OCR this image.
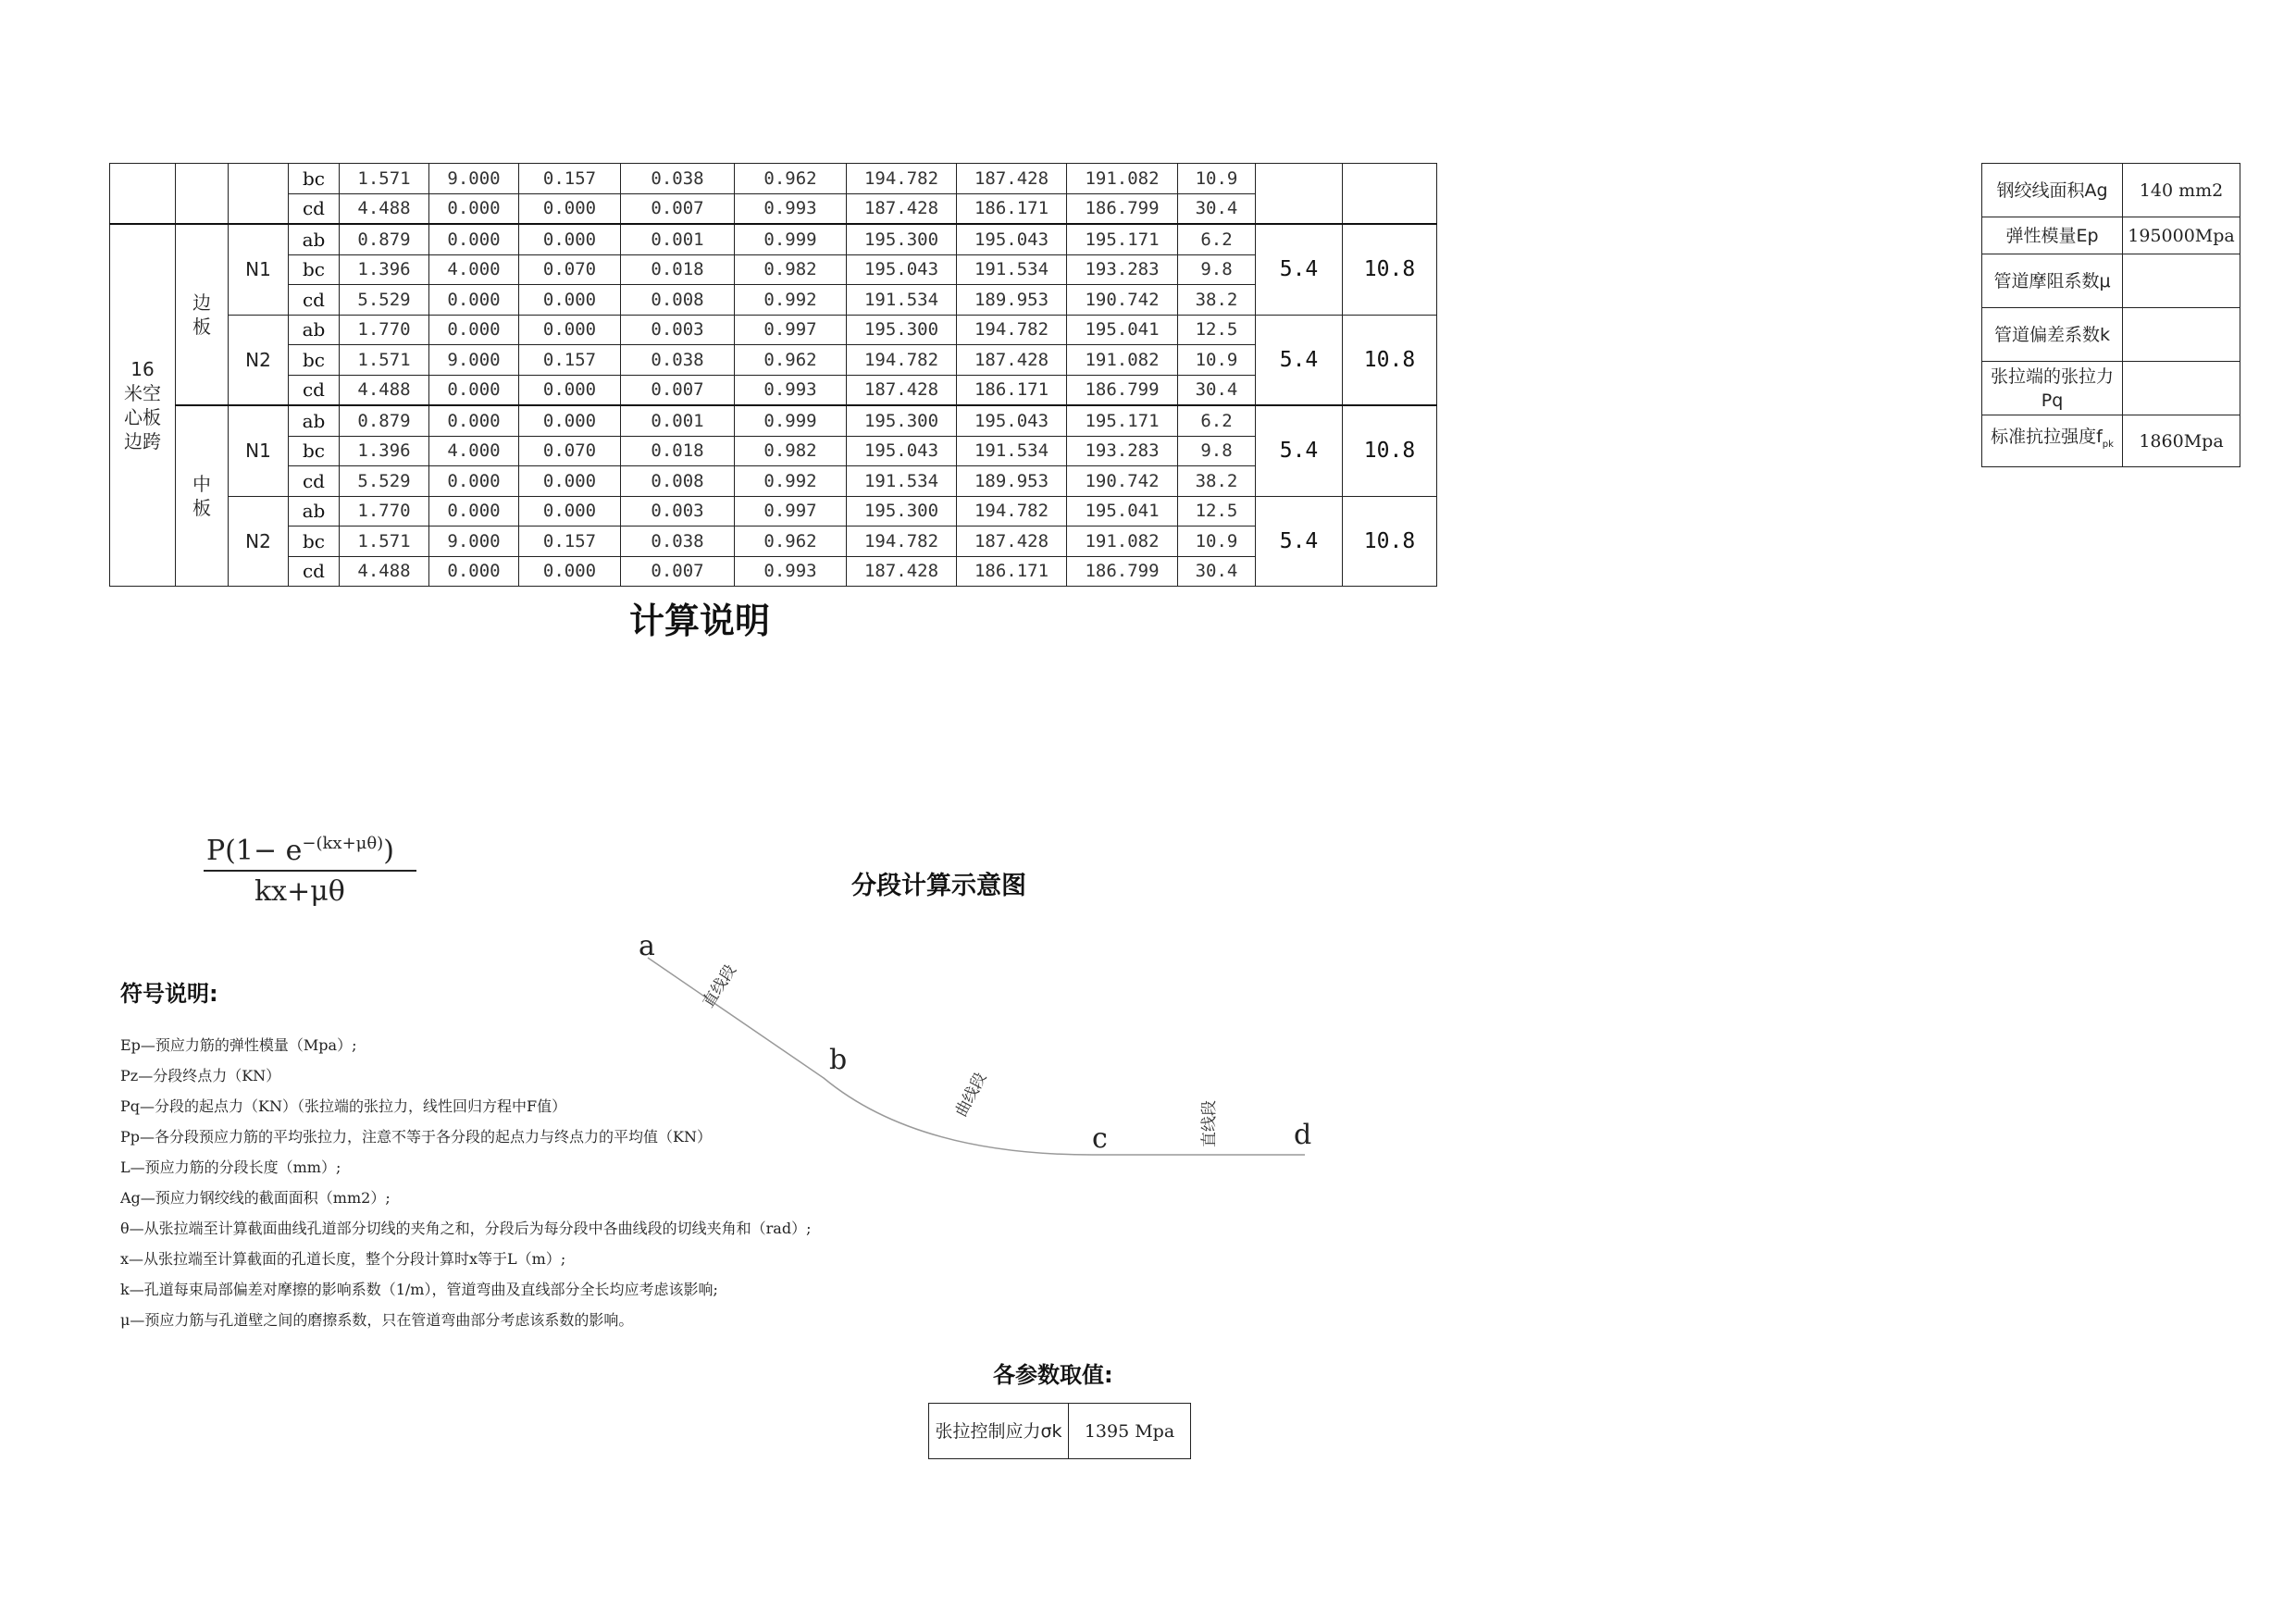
			bc	1.571	9.000	0.157	0.038	0.962	194.782	187.428	191.082	10.9		
			cd	4.488	0.000	0.000	0.007	0.993	187.428	186.171	186.799	30.4		
16米空心板边跨	边板	N1	ab	0.879	0.000	0.000	0.001	0.999	195.300	195.043	195.171	6.2	5.4	10.8
			bc	1.396	4.000	0.070	0.018	0.982	195.043	191.534	193.283	9.8		
			cd	5.529	0.000	0.000	0.008	0.992	191.534	189.953	190.742	38.2		
		N2	ab	1.770	0.000	0.000	0.003	0.997	195.300	194.782	195.041	12.5	5.4	10.8
			bc	1.571	9.000	0.157	0.038	0.962	194.782	187.428	191.082	10.9		
			cd	4.488	0.000	0.000	0.007	0.993	187.428	186.171	186.799	30.4		
	中板	N1	ab	0.879	0.000	0.000	0.001	0.999	195.300	195.043	195.171	6.2	5.4	10.8
			bc	1.396	4.000	0.070	0.018	0.982	195.043	191.534	193.283	9.8		
			cd	5.529	0.000	0.000	0.008	0.992	191.534	189.953	190.742	38.2		
		N2	ab	1.770	0.000	0.000	0.003	0.997	195.300	194.782	195.041	12.5	5.4	10.8
			bc	1.571	9.000	0.157	0.038	0.962	194.782	187.428	191.082	10.9		
			cd	4.488	0.000	0.000	0.007	0.993	187.428	186.171	186.799	30.4		
钢绞线面积Ag	140 mm2
弹性模量Ep	195000Mpa
管道摩阻系数μ	
管道偏差系数k	
张拉端的张拉力Pq	
标准抗拉强度$f_{pk}$	1860Mpa
计算说明
$P(1- e^{-(kx+\mu\theta)})$
kx+μθ	分段计算示意图
a
b
c	d
直线段
曲线段
直线段
符号说明:
Ep—预应力筋的弹性模量（Mpa）;
Pz—分段终点力（KN）
Pq—分段的起点力（KN）（张拉端的张拉力，线性回归方程中F值）
Pp—各分段预应力筋的平均张拉力，注意不等于各分段的起点力与终点力的平均值（KN）
L—预应力筋的分段长度（mm）;
Ag—预应力钢绞线的截面面积（mm2）;
θ—从张拉端至计算截面曲线孔道部分切线的夹角之和，分段后为每分段中各曲线段的切线夹角和（rad）;
x—从张拉端至计算截面的孔道长度，整个分段计算时x等于L（m）;
k—孔道每束局部偏差对摩擦的影响系数（1/m），管道弯曲及直线部分全长均应考虑该影响;
μ—预应力筋与孔道壁之间的磨擦系数，只在管道弯曲部分考虑该系数的影响。
各参数取值:
张拉控制应力σk	1395 Mpa
